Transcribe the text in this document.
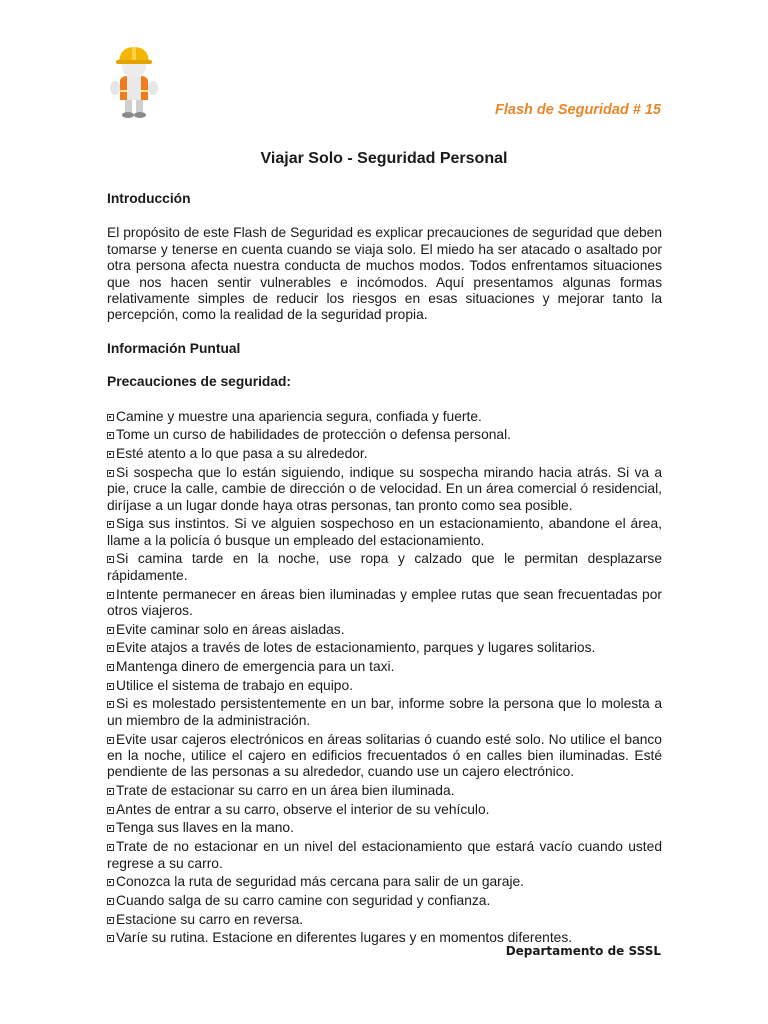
Flash de Seguridad # 15
Viajar Solo - Seguridad Personal

Introducción

El propósito de este Flash de Seguridad es explicar precauciones de seguridad que deben tomarse y tenerse en cuenta cuando se viaja solo. El miedo ha ser atacado o asaltado por otra persona afecta nuestra conducta de muchos modos. Todos enfrentamos situaciones que nos hacen sentir vulnerables e incómodos. Aquí presentamos algunas formas relativamente simples de reducir los riesgos en esas situaciones y mejorar tanto la percepción, como la realidad de la seguridad propia.

Información Puntual

Precauciones de seguridad:

Camine y muestre una apariencia segura, confiada y fuerte.
Tome un curso de habilidades de protección o defensa personal.
Esté atento a lo que pasa a su alrededor.
Si sospecha que lo están siguiendo, indique su sospecha mirando hacia atrás. Si va a pie, cruce la calle, cambie de dirección o de velocidad. En un área comercial ó residencial, diríjase a un lugar donde haya otras personas, tan pronto como sea posible.
Siga sus instintos. Si ve alguien sospechoso en un estacionamiento, abandone el área, llame a la policía ó busque un empleado del estacionamiento.
Si camina tarde en la noche, use ropa y calzado que le permitan desplazarse rápidamente.
Intente permanecer en áreas bien iluminadas y emplee rutas que sean frecuentadas por otros viajeros.
Evite caminar solo en áreas aisladas.
Evite atajos a través de lotes de estacionamiento, parques y lugares solitarios.
Mantenga dinero de emergencia para un taxi.
Utilice el sistema de trabajo en equipo.
Si es molestado persistentemente en un bar, informe sobre la persona que lo molesta a un miembro de la administración.
Evite usar cajeros electrónicos en áreas solitarias ó cuando esté solo. No utilice el banco en la noche, utilice el cajero en edificios frecuentados ó en calles bien iluminadas. Esté pendiente de las personas a su alrededor, cuando use un cajero electrónico.
Trate de estacionar su carro en un área bien iluminada.
Antes de entrar a su carro, observe el interior de su vehículo.
Tenga sus llaves en la mano.
Trate de no estacionar en un nivel del estacionamiento que estará vacío cuando usted regrese a su carro.
Conozca la ruta de seguridad más cercana para salir de un garaje.
Cuando salga de su carro camine con seguridad y confianza.
Estacione su carro en reversa.
Varíe su rutina. Estacione en diferentes lugares y en momentos diferentes.
Departamento de SSSL
